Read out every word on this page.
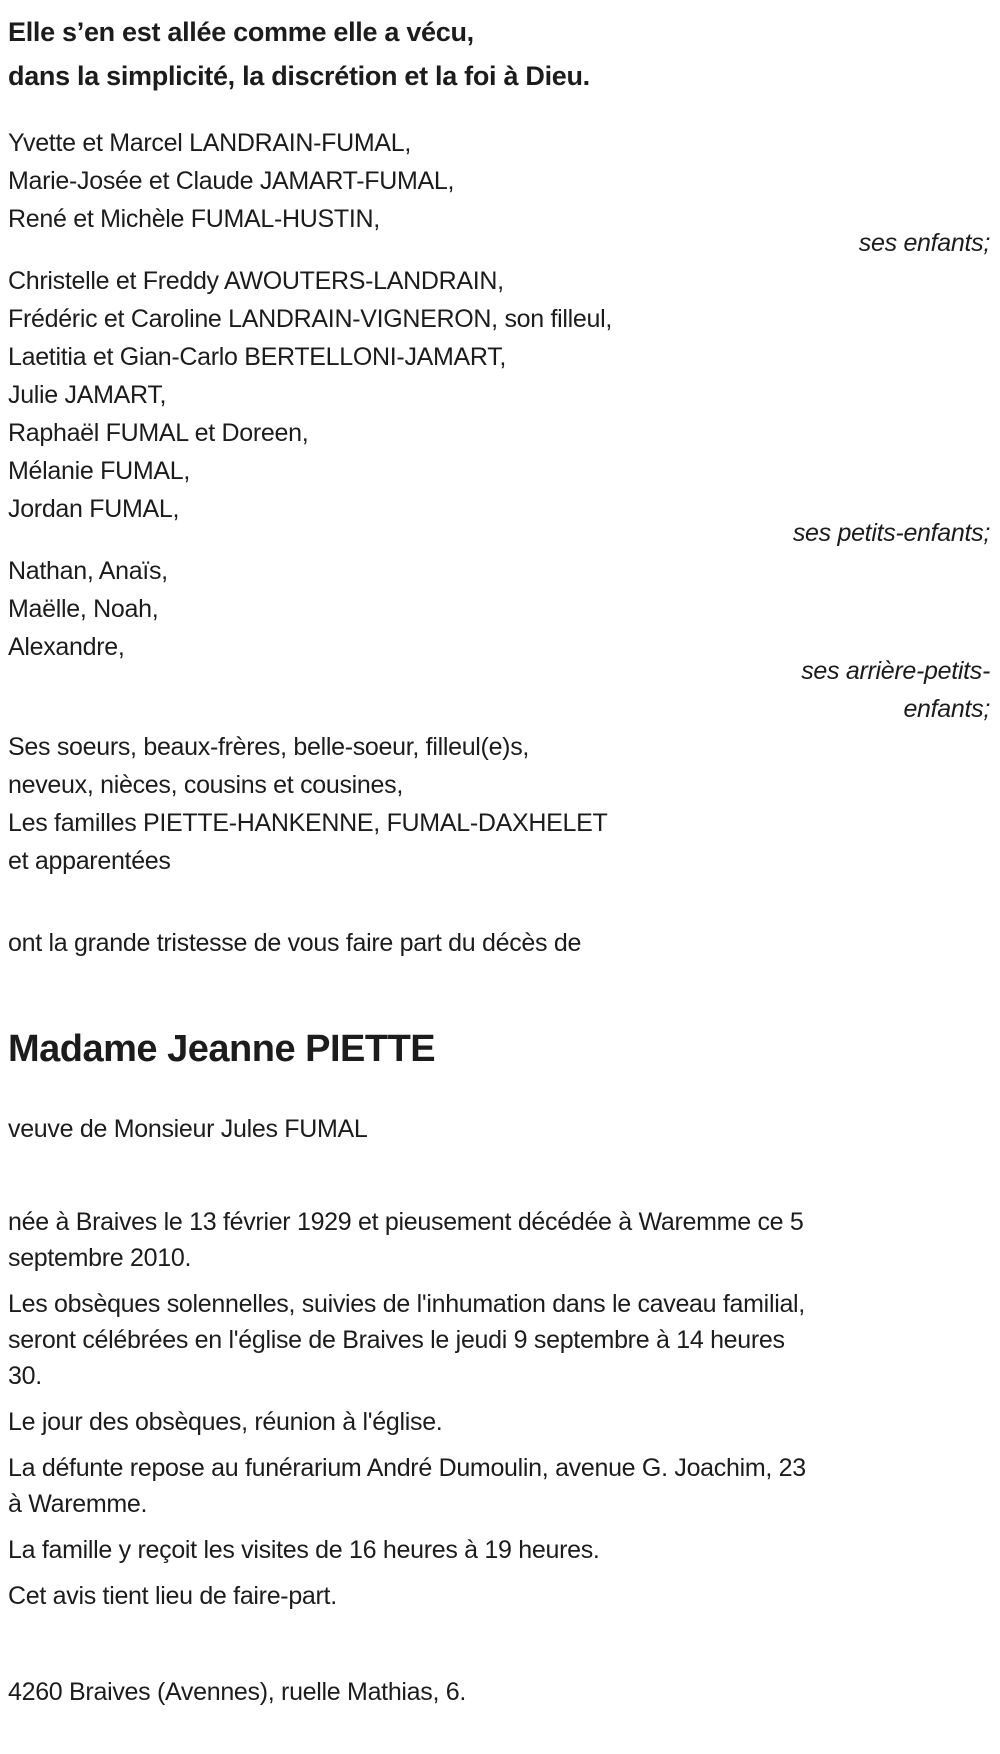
Elle s’en est allée comme elle a vécu,
dans la simplicité, la discrétion et la foi à Dieu.
Yvette et Marcel LANDRAIN-FUMAL,
Marie-Josée et Claude JAMART-FUMAL,
René et Michèle FUMAL-HUSTIN,
ses enfants;
Christelle et Freddy AWOUTERS-LANDRAIN,
Frédéric et Caroline LANDRAIN-VIGNERON, son filleul,
Laetitia et Gian-Carlo BERTELLONI-JAMART,
Julie JAMART,
Raphaël FUMAL et Doreen,
Mélanie FUMAL,
Jordan FUMAL,
ses petits-enfants;
Nathan, Anaïs,
Maëlle, Noah,
Alexandre,
ses arrière-petits-enfants;
Ses soeurs, beaux-frères, belle-soeur, filleul(e)s,
neveux, nièces, cousins et cousines,
Les familles PIETTE-HANKENNE, FUMAL-DAXHELET
et apparentées
ont la grande tristesse de vous faire part du décès de
Madame Jeanne PIETTE
veuve de Monsieur Jules FUMAL
née à Braives le 13 février 1929 et pieusement décédée à Waremme ce 5
septembre 2010.
Les obsèques solennelles, suivies de l'inhumation dans le caveau familial,
seront célébrées en l'église de Braives le jeudi 9 septembre à 14 heures
30.
Le jour des obsèques, réunion à l'église.
La défunte repose au funérarium André Dumoulin, avenue G. Joachim, 23
à Waremme.
La famille y reçoit les visites de 16 heures à 19 heures.
Cet avis tient lieu de faire-part.
4260 Braives (Avennes), ruelle Mathias, 6.
